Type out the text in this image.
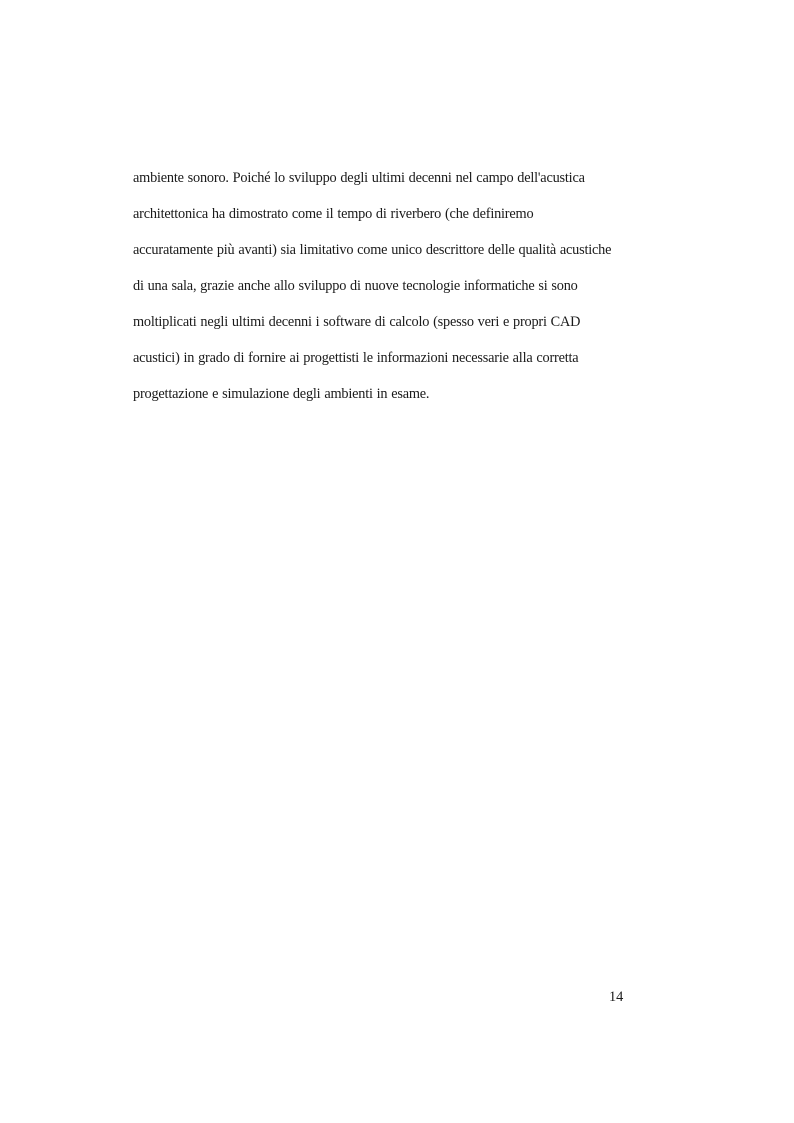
ambiente sonoro. Poiché lo sviluppo degli ultimi decenni nel campo dell'acustica
architettonica ha dimostrato come il tempo di riverbero (che definiremo
accuratamente più avanti) sia limitativo come unico descrittore delle qualità acustiche
di una sala, grazie anche allo sviluppo di nuove tecnologie informatiche si sono
moltiplicati negli ultimi decenni i software di calcolo (spesso veri e propri CAD
acustici) in grado di fornire ai progettisti le informazioni necessarie alla corretta
progettazione e simulazione degli ambienti in esame.

14
